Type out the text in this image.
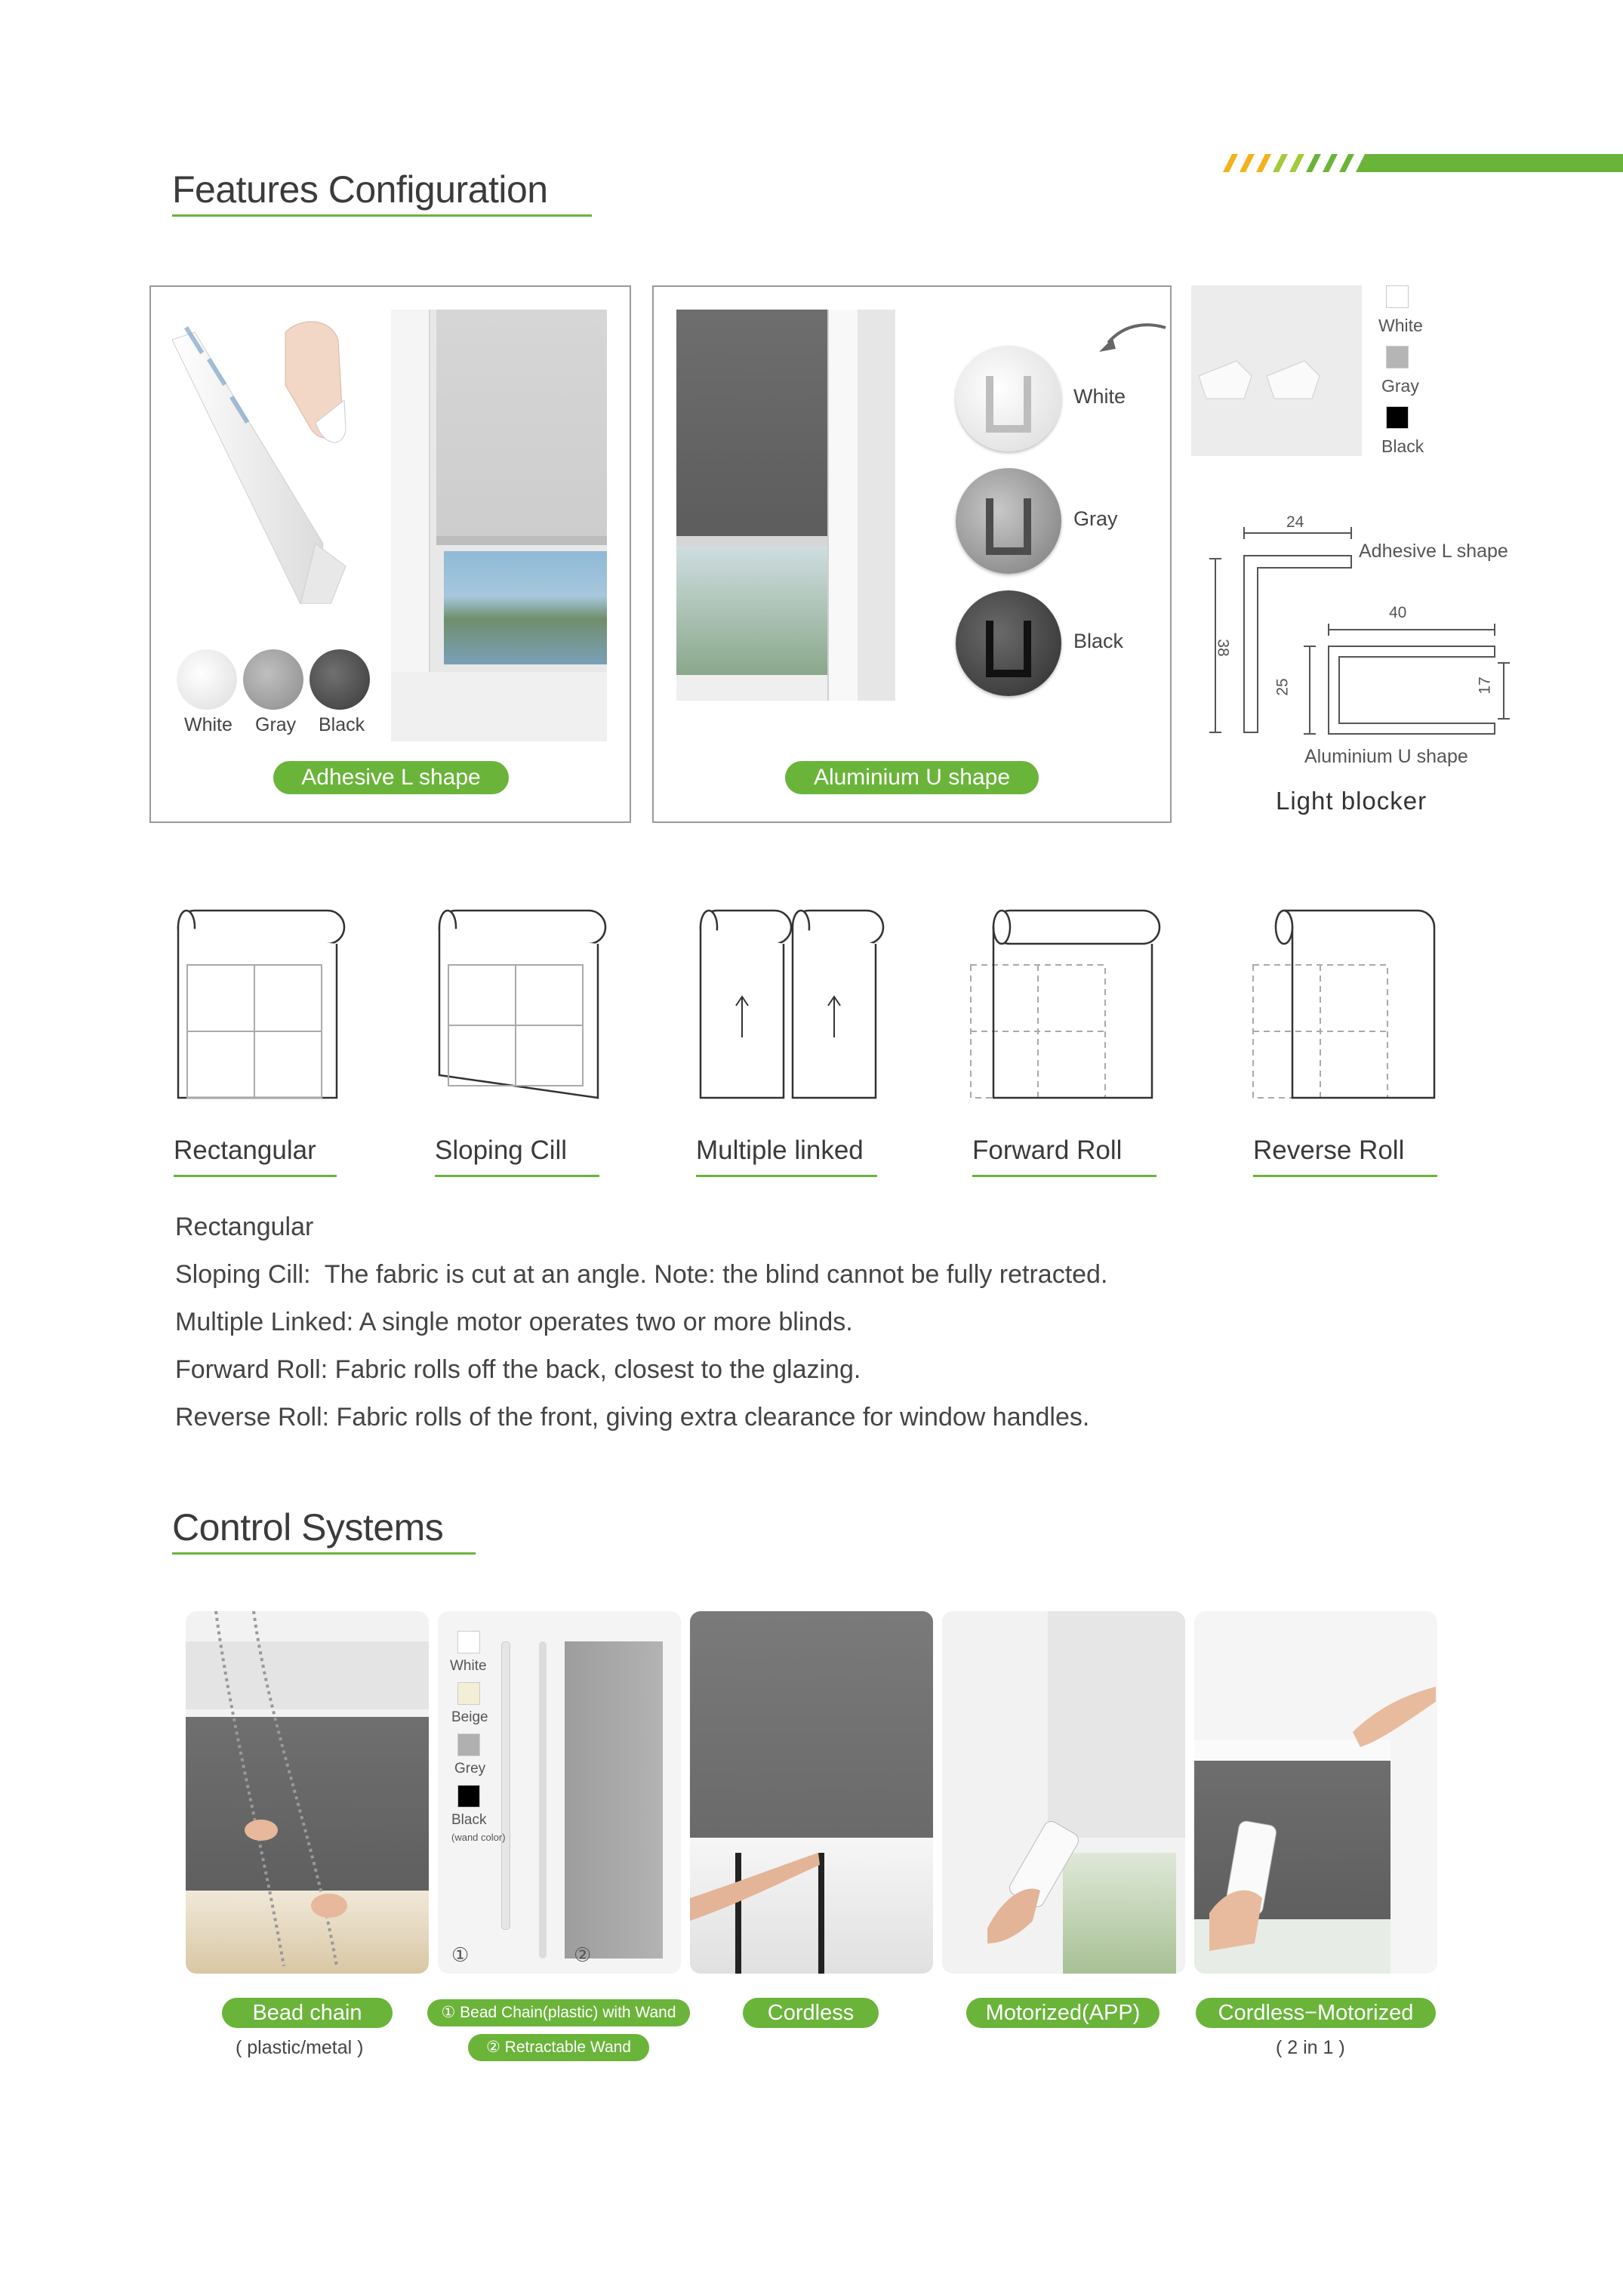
Features Configuration
White Gray Black
Adhesive L shape
White
Gray
Black
Aluminium U shape
White
Gray
Black
24
38
Adhesive L shape
40
25	17
Aluminium U shape
Light blocker
Rectangular	Sloping Cill	Multiple linked	Forward Roll	Reverse Roll
Rectangular
Sloping Cill:  The fabric is cut at an angle. Note: the blind cannot be fully retracted.
Multiple Linked: A single motor operates two or more blinds.
Forward Roll: Fabric rolls off the back, closest to the glazing.
Reverse Roll: Fabric rolls of the front, giving extra clearance for window handles.
Control Systems
White
Beige
Grey
Black
(wand color)
①	②
Bead chain
( plastic/metal )
① Bead Chain(plastic) with Wand
② Retractable Wand
Cordless	Motorized(APP)	Cordless−Motorized
( 2 in 1 )
